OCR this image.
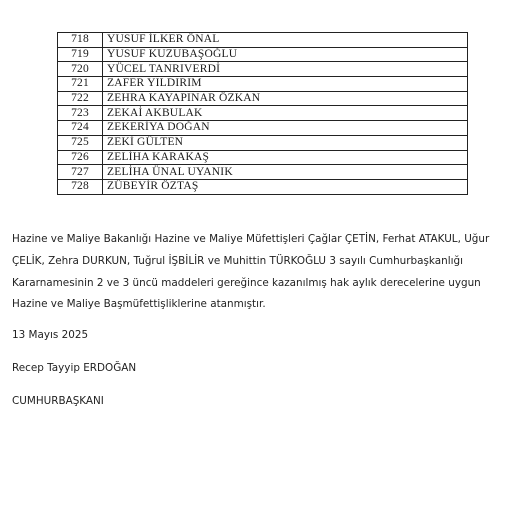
718	YUSUF İLKER ÖNAL
719	YUSUF KUZUBAŞOĞLU
720	YÜCEL TANRIVERDİ
721	ZAFER YILDIRIM
722	ZEHRA KAYAPINAR ÖZKAN
723	ZEKAİ AKBULAK
724	ZEKERİYA DOĞAN
725	ZEKİ GÜLTEN
726	ZELİHA KARAKAŞ
727	ZELİHA ÜNAL UYANIK
728	ZÜBEYİR ÖZTAŞ
Hazine ve Maliye Bakanlığı Hazine ve Maliye Müfettişleri Çağlar ÇETİN, Ferhat ATAKUL, Uğur ÇELİK, Zehra DURKUN, Tuğrul İŞBİLİR ve Muhittin TÜRKOĞLU 3 sayılı Cumhurbaşkanlığı Kararnamesinin 2 ve 3 üncü maddeleri gereğince kazanılmış hak aylık derecelerine uygun Hazine ve Maliye Başmüfettişliklerine atanmıştır.
13 Mayıs 2025
Recep Tayyip ERDOĞAN
CUMHURBAŞKANI
